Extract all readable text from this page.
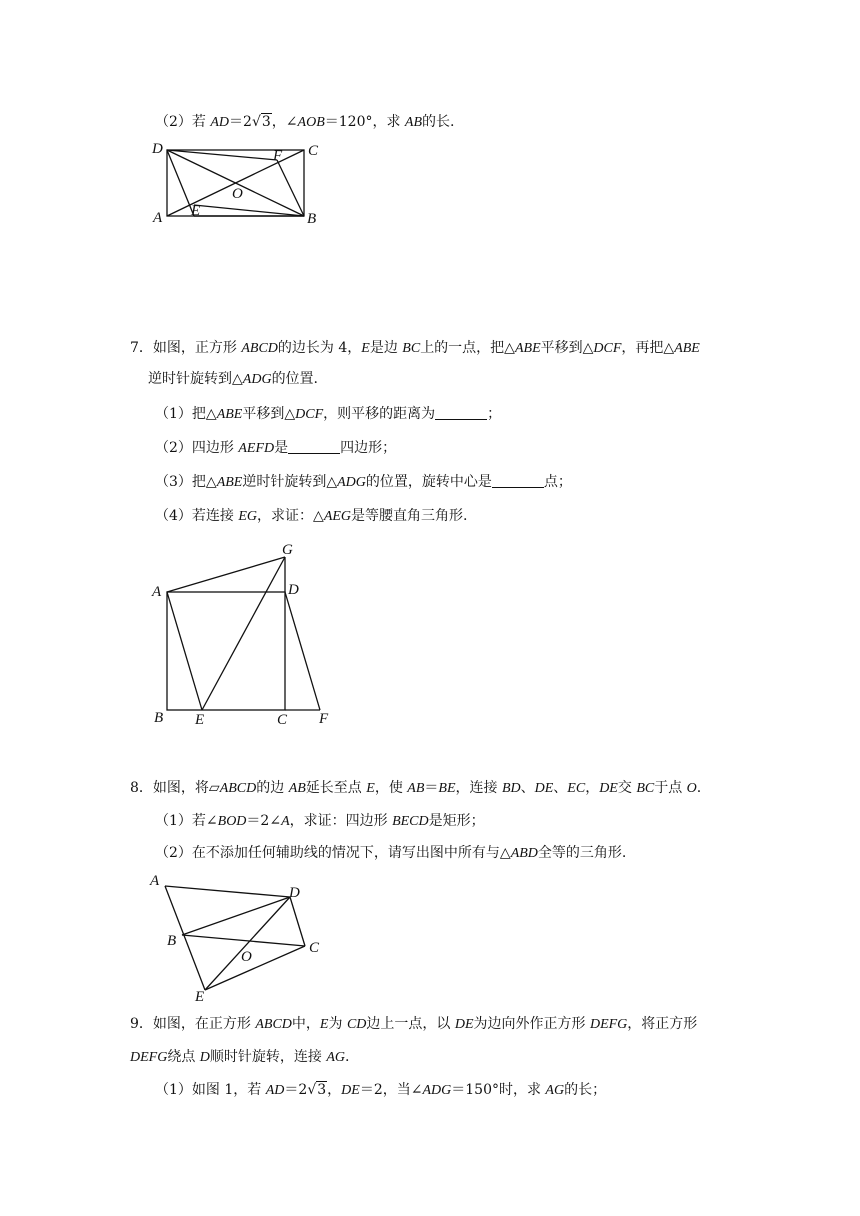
（2）若 AD＝2√3，∠AOB＝120°，求 AB的长.
D	F C
O
A E	B
7．如图，正方形 ABCD的边长为 4，E是边 BC上的一点，把△ABE平移到△DCF，再把△ABE
逆时针旋转到△ADG的位置.
（1）把△ABE平移到△DCF，则平移的距离为	；
（2）四边形 AEFD是	四边形；
（3）把△ABE逆时针旋转到△ADG的位置，旋转中心是	点；
（4）若连接 EG，求证：△AEG是等腰直角三角形.
G
A	D
B E	C F
8．如图，将▱ABCD的边 AB延长至点 E，使 AB＝BE，连接 BD、DE、EC，DE交 BC于点 O.
（1）若∠BOD＝2∠A，求证：四边形 BECD是矩形；
（2）在不添加任何辅助线的情况下，请写出图中所有与△ABD全等的三角形.
A
D
B	C
O
E
9．如图，在正方形 ABCD中，E为 CD边上一点，以 DE为边向外作正方形 DEFG，将正方形
DEFG绕点 D顺时针旋转，连接 AG.
（1）如图 1，若 AD＝2√3，DE＝2，当∠ADG＝150°时，求 AG的长；
